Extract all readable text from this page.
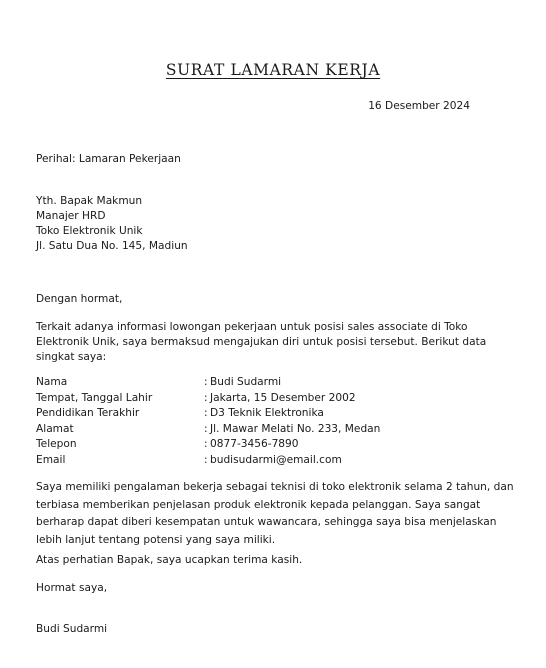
SURAT LAMARAN KERJA
16 Desember 2024
Perihal: Lamaran Pekerjaan
Yth. Bapak Makmun
Manajer HRD
Toko Elektronik Unik
Jl. Satu Dua No. 145, Madiun
Dengan hormat,
Terkait adanya informasi lowongan pekerjaan untuk posisi sales associate di Toko
Elektronik Unik, saya bermaksud mengajukan diri untuk posisi tersebut. Berikut data
singkat saya:
Nama	: Budi Sudarmi
Tempat, Tanggal Lahir	: Jakarta, 15 Desember 2002
Pendidikan Terakhir	: D3 Teknik Elektronika
Alamat	: Jl. Mawar Melati No. 233, Medan
Telepon	: 0877-3456-7890
Email	: budisudarmi@email.com
Saya memiliki pengalaman bekerja sebagai teknisi di toko elektronik selama 2 tahun, dan
terbiasa memberikan penjelasan produk elektronik kepada pelanggan. Saya sangat
berharap dapat diberi kesempatan untuk wawancara, sehingga saya bisa menjelaskan
lebih lanjut tentang potensi yang saya miliki.
Atas perhatian Bapak, saya ucapkan terima kasih.
Hormat saya,
Budi Sudarmi
